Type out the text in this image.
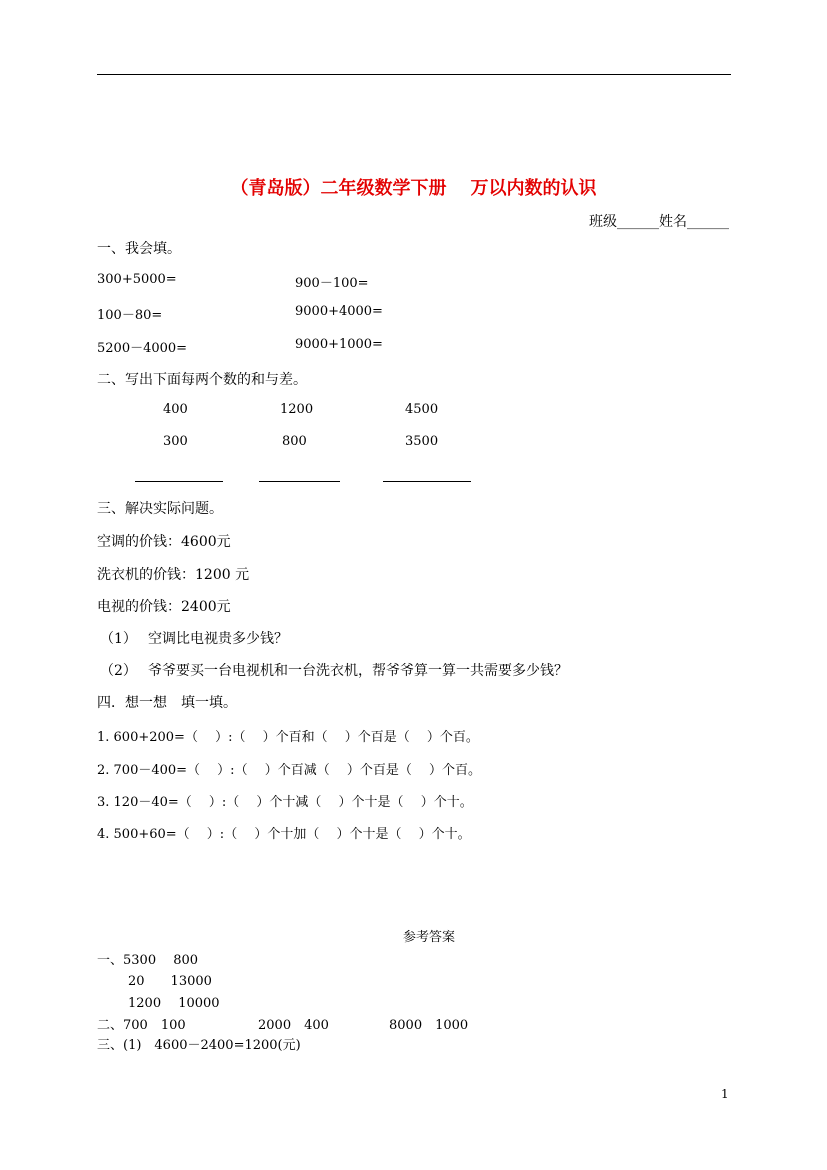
（青岛版）二年级数学下册 万以内数的认识
班级______姓名______
一、我会填。
300+5000=	900－100=
100－80=	9000+4000=
5200－4000=	9000+1000=
二、写出下面每两个数的和与差。
400	1200	4500
300	800	3500
三、解决实际问题。
空调的价钱：4600元
洗衣机的价钱：1200 元
电视的价钱：2400元
（1） 空调比电视贵多少钱？
（2） 爷爷要买一台电视机和一台洗衣机，帮爷爷算一算一共需要多少钱？
四．想一想　填一填。
1. 600+200=（　 ）:（　 ）个百和（　 ）个百是（　 ）个百。
2. 700－400=（　 ）:（　 ）个百减（　 ）个百是（　 ）个百。
3. 120－40=（　 ）:（　 ）个十减（　 ）个十是（　 ）个十。
4. 500+60=（　 ）:（　 ）个十加（　 ）个十是（　 ）个十。
参考答案
一、5300　 800
20　　13000
1200　 10000
二、700　100	2000　400	8000　1000
三、(1)　4600－2400=1200(元)
1
